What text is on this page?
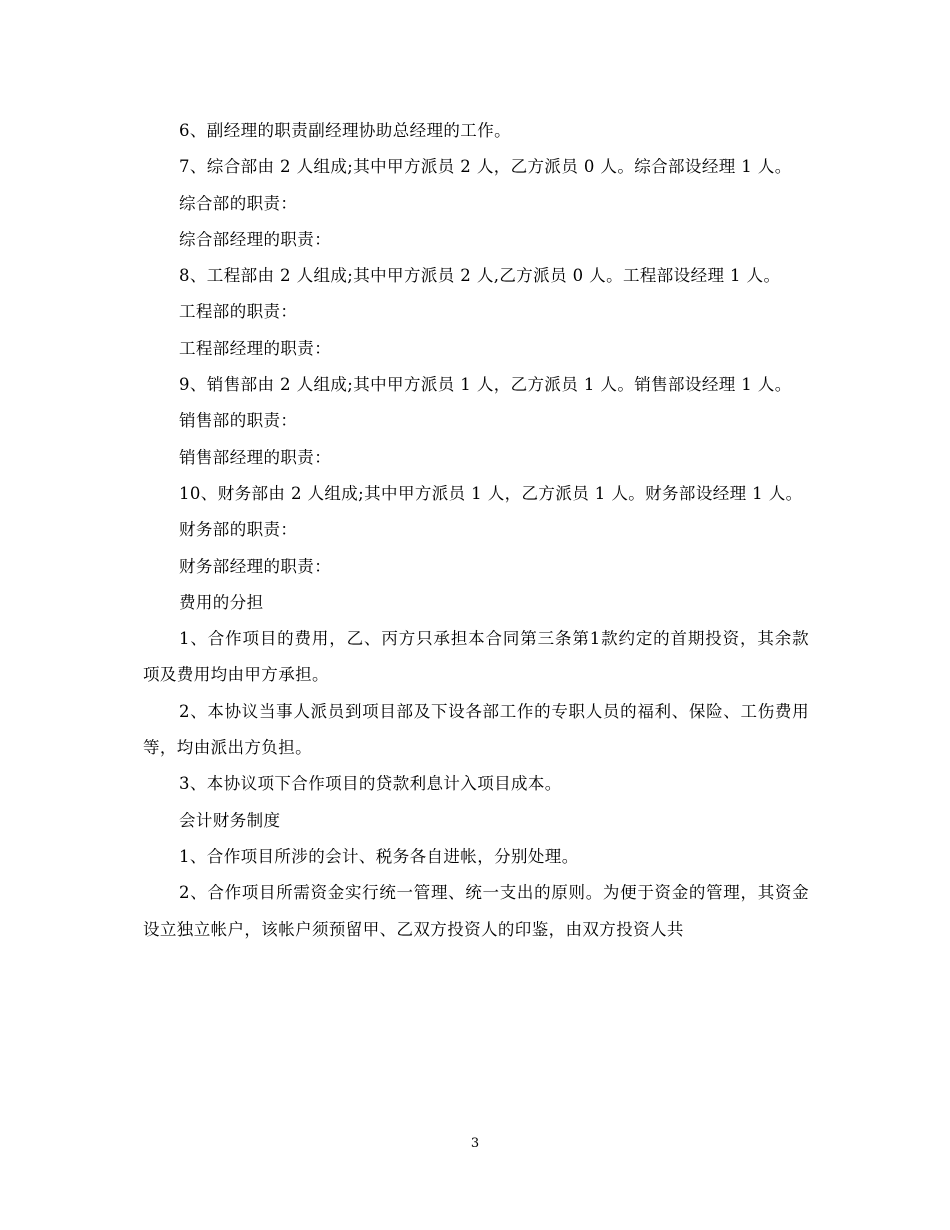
6、副经理的职责副经理协助总经理的工作。

7、综合部由 2 人组成;其中甲方派员 2 人，乙方派员 0 人。综合部设经理 1 人。

综合部的职责：

综合部经理的职责：

8、工程部由 2 人组成;其中甲方派员 2 人,乙方派员 0 人。工程部设经理 1 人。

工程部的职责：

工程部经理的职责：

9、销售部由 2 人组成;其中甲方派员 1 人，乙方派员 1 人。销售部设经理 1 人。

销售部的职责：

销售部经理的职责：

10、财务部由 2 人组成;其中甲方派员 1 人，乙方派员 1 人。财务部设经理 1 人。

财务部的职责：

财务部经理的职责：

费用的分担

1、合作项目的费用，乙、丙方只承担本合同第三条第1款约定的首期投资，其余款项及费用均由甲方承担。

2、本协议当事人派员到项目部及下设各部工作的专职人员的福利、保险、工伤费用等，均由派出方负担。

3、本协议项下合作项目的贷款利息计入项目成本。

会计财务制度

1、合作项目所涉的会计、税务各自进帐，分别处理。

2、合作项目所需资金实行统一管理、统一支出的原则。为便于资金的管理，其资金设立独立帐户，该帐户须预留甲、乙双方投资人的印鉴，由双方投资人共

3
